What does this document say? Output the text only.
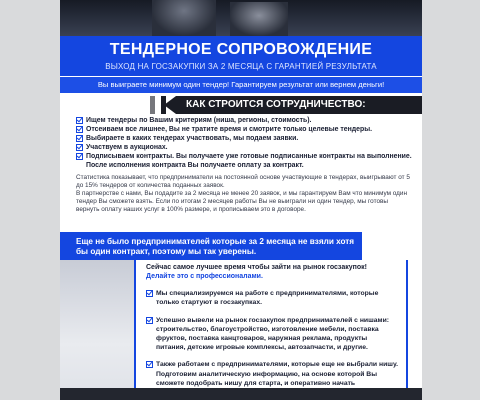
ТЕНДЕРНОЕ СОПРОВОЖДЕНИЕ
ВЫХОД НА ГОСЗАКУПКИ ЗА 2 МЕСЯЦА С ГАРАНТИЕЙ РЕЗУЛЬТАТА
Вы выиграете минимум один тендер! Гарантируем результат или вернем деньги!
КАК СТРОИТСЯ СОТРУДНИЧЕСТВО:
Ищем тендеры по Вашим критериям (ниша, регионы, стоимость).
Отсеиваем все лишнее, Вы не тратите время и смотрите только целевые тендеры.
Выбираете в каких тендерах участвовать, мы подаем заявки.
Участвуем в аукционах.
Подписываем контракты. Вы получаете уже готовые подписанные контракты на выполнение. После исполнения контракта Вы получаете оплату за контракт.

Статистика показывает, что предприниматели на постоянной основе участвующие в тендерах, выигрывают от 5 до 15% тендеров от количества поданных заявок.

В партнерстве с нами, Вы подадите за 2 месяца не менее 20 заявок, и мы гарантируем Вам что минимум один тендер Вы сможете взять. Если по итогам 2 месяцев работы Вы не выиграли ни один тендер, мы готовы вернуть оплату наших услуг в 100% размере, и прописываем это в договоре.

Еще не было предпринимателей которые за 2 месяца не взяли хотя бы один контракт, поэтому мы так уверены.
Сейчас самое лучшее время чтобы зайти на рынок госзакупок!
Делайте это с профессионалами.
Мы специализируемся на работе с предпринимателями, которые только стартуют в госзакупках.
Успешно вывели на рынок госзакупок предпринимателей с нишами: строительство, благоустройство, изготовление мебели, поставка фруктов, поставка канцтоваров, наружная реклама, продукты питания, детские игровые комплексы, автозапчасти, и другие.
Также работаем с предпринимателями, которые еще не выбрали нишу. Подготовим аналитическую информацию, на основе которой Вы сможете подобрать нишу для старта, и оперативно начать
